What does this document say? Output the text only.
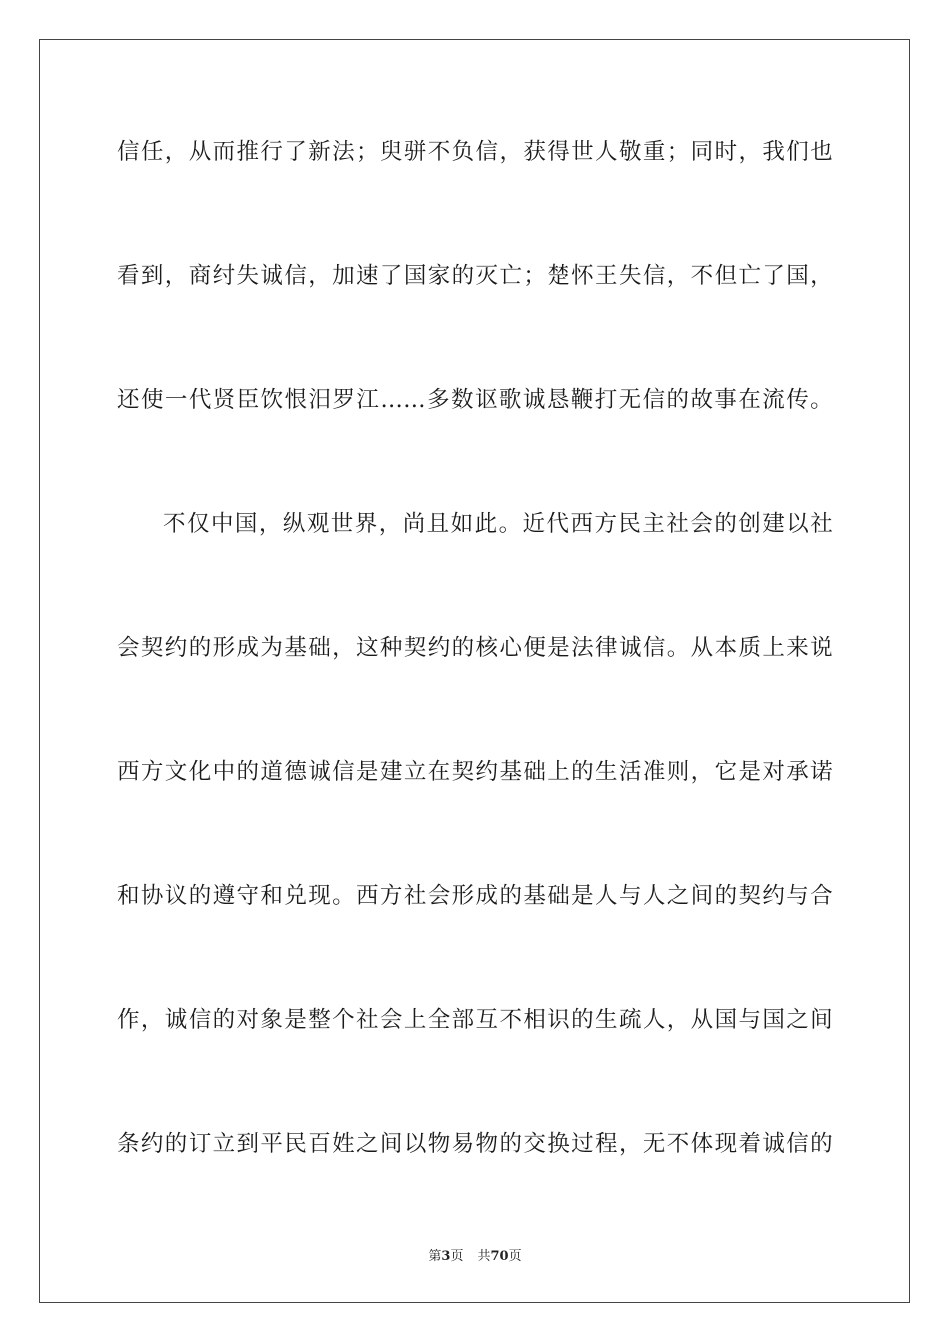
信任，从而推行了新法；臾骈不负信，获得世人敬重；同时，我们也
看到，商纣失诚信，加速了国家的灭亡；楚怀王失信，不但亡了国，
还使一代贤臣饮恨汨罗江……多数讴歌诚恳鞭打无信的故事在流传。
不仅中国，纵观世界，尚且如此。近代西方民主社会的创建以社
会契约的形成为基础，这种契约的核心便是法律诚信。从本质上来说
西方文化中的道德诚信是建立在契约基础上的生活准则，它是对承诺
和协议的遵守和兑现。西方社会形成的基础是人与人之间的契约与合
作，诚信的对象是整个社会上全部互不相识的生疏人，从国与国之间
条约的订立到平民百姓之间以物易物的交换过程，无不体现着诚信的
第3页 共70页
